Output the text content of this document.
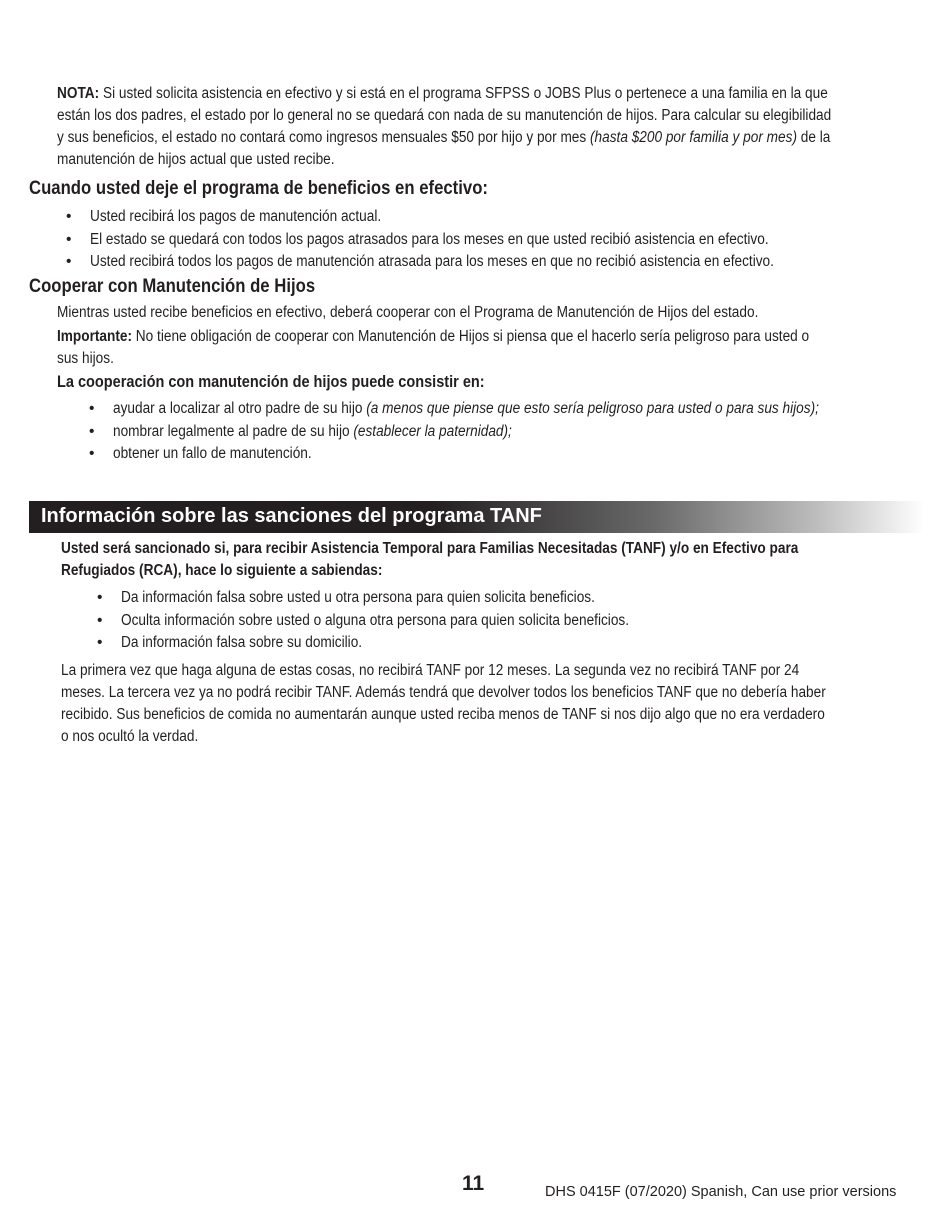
NOTA: Si usted solicita asistencia en efectivo y si está en el programa SFPSS o JOBS Plus o pertenece a una familia en la que
están los dos padres, el estado por lo general no se quedará con nada de su manutención de hijos. Para calcular su elegibilidad
y sus beneficios, el estado no contará como ingresos mensuales $50 por hijo y por mes (hasta $200 por familia y por mes) de la
manutención de hijos actual que usted recibe.
Cuando usted deje el programa de beneficios en efectivo:
• Usted recibirá los pagos de manutención actual.
• El estado se quedará con todos los pagos atrasados para los meses en que usted recibió asistencia en efectivo.
• Usted recibirá todos los pagos de manutención atrasada para los meses en que no recibió asistencia en efectivo.
Cooperar con Manutención de Hijos
Mientras usted recibe beneficios en efectivo, deberá cooperar con el Programa de Manutención de Hijos del estado.
Importante: No tiene obligación de cooperar con Manutención de Hijos si piensa que el hacerlo sería peligroso para usted o
sus hijos.
La cooperación con manutención de hijos puede consistir en:
• ayudar a localizar al otro padre de su hijo (a menos que piense que esto sería peligroso para usted o para sus hijos);
• nombrar legalmente al padre de su hijo (establecer la paternidad);
• obtener un fallo de manutención.
Información sobre las sanciones del programa TANF
Usted será sancionado si, para recibir Asistencia Temporal para Familias Necesitadas (TANF) y/o en Efectivo para
Refugiados (RCA), hace lo siguiente a sabiendas:
• Da información falsa sobre usted u otra persona para quien solicita beneficios.
• Oculta información sobre usted o alguna otra persona para quien solicita beneficios.
• Da información falsa sobre su domicilio.
La primera vez que haga alguna de estas cosas, no recibirá TANF por 12 meses. La segunda vez no recibirá TANF por 24
meses. La tercera vez ya no podrá recibir TANF. Además tendrá que devolver todos los beneficios TANF que no debería haber
recibido. Sus beneficios de comida no aumentarán aunque usted reciba menos de TANF si nos dijo algo que no era verdadero
o nos ocultó la verdad.
11	DHS 0415F (07/2020) Spanish, Can use prior versions
